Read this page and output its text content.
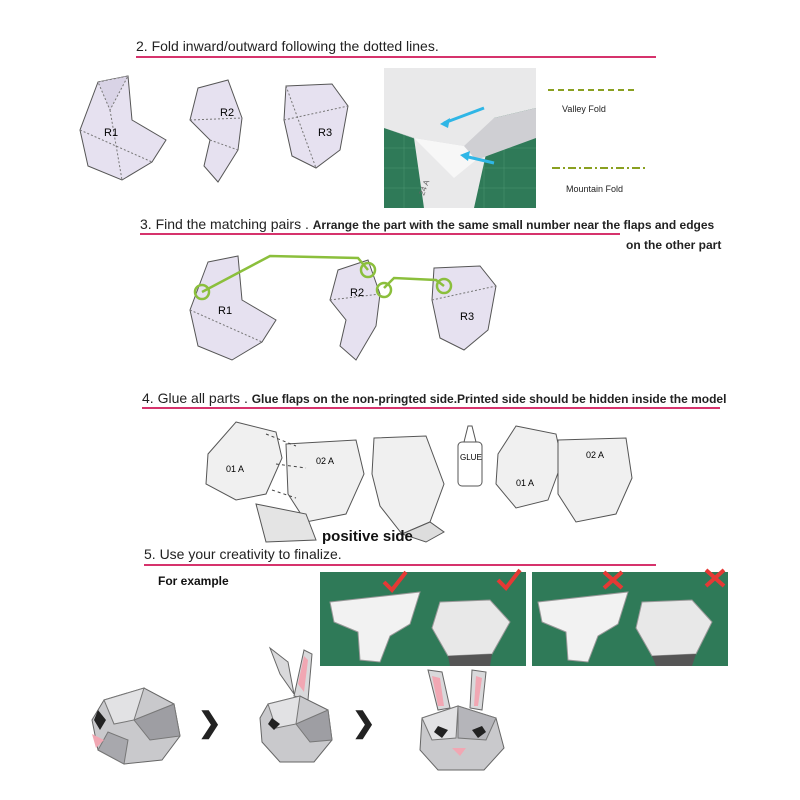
2. Fold inward/outward following the dotted lines.
R1
R2
R3
24 A
Valley Fold
Mountain Fold
3. Find the matching pairs . Arrange the part with the same small number near the flaps and edges
on the other part
R1
R2
R3
4. Glue all parts . Glue flaps on the non-pringted side.Printed side should be hidden inside the model
01 A
02 A	GLUE
01 A
02 A
positive side
5. Use your creativity to finalize.
For example
❯	❯
